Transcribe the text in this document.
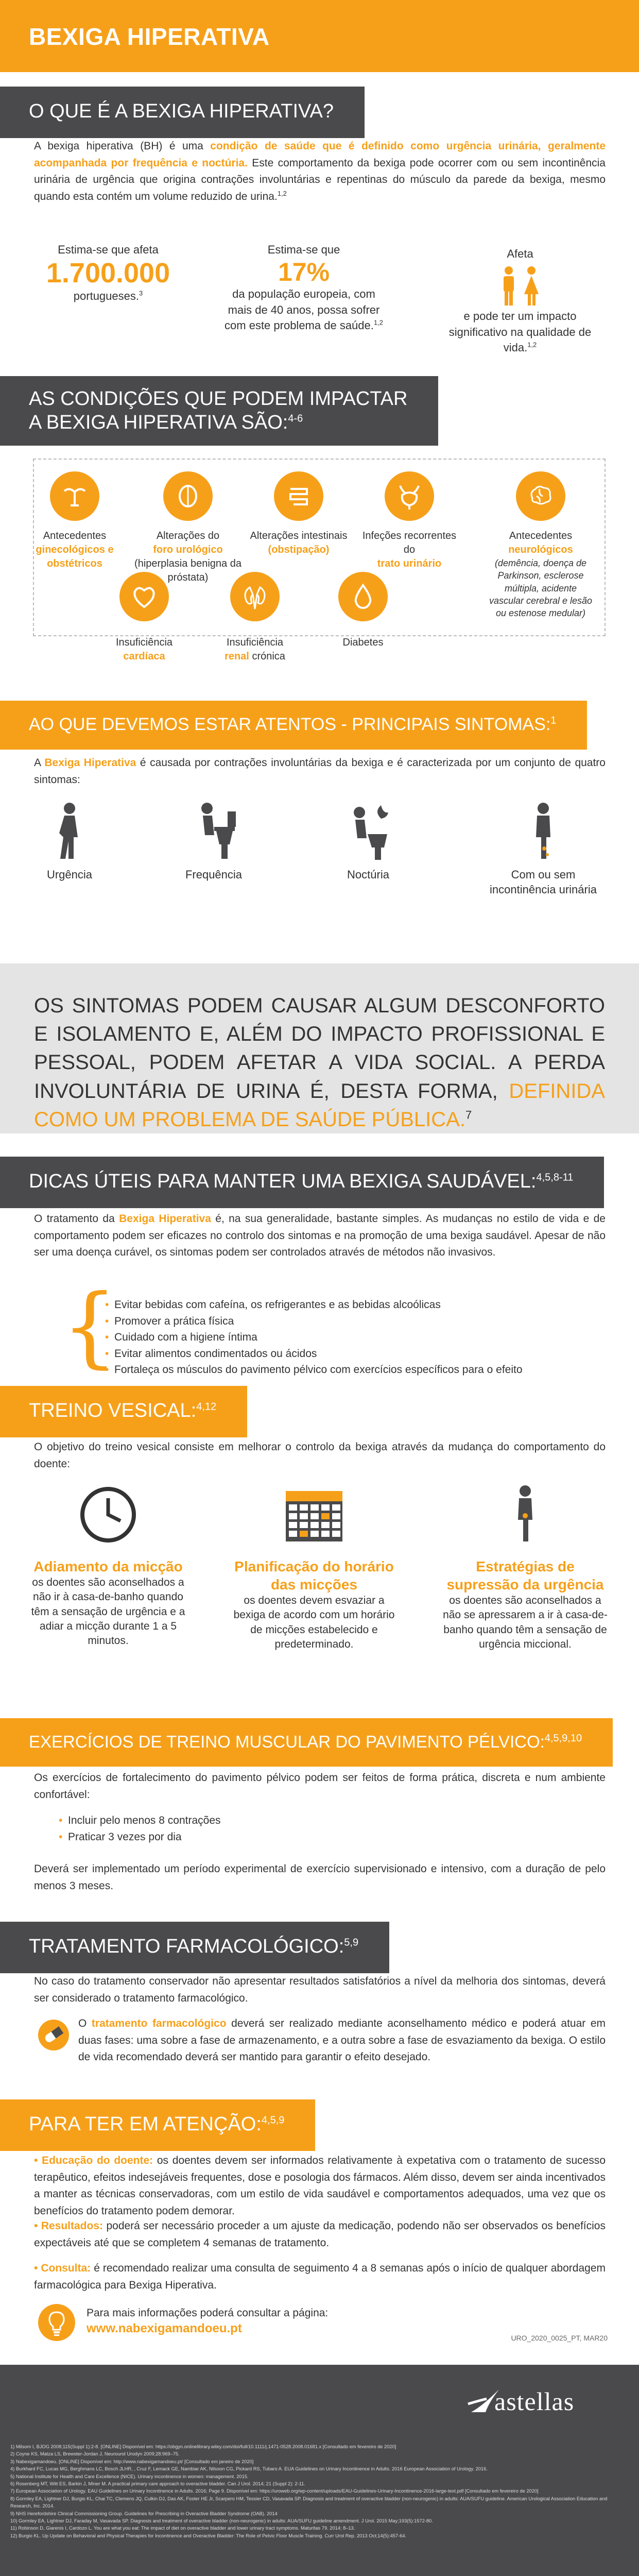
BEXIGA HIPERATIVA
O QUE É A BEXIGA HIPERATIVA?
A bexiga hiperativa (BH) é uma condição de saúde que é definido como urgência urinária, geralmente acompanhada por frequência e noctúria. Este comportamento da bexiga pode ocorrer com ou sem incontinência urinária de urgência que origina contrações involuntárias e repentinas do músculo da parede da bexiga, mesmo quando esta contém um volume reduzido de urina.$^{1,2}$
Estima-se que afeta
1.700.000
portugueses.$^3$
Estima-se que
17%
da população europeia, com mais de 40 anos, possa sofrer com este problema de saúde.$^{1,2}$
Afeta
e pode ter um impacto significativo na qualidade de vida.$^{1,2}$
AS CONDIÇÕES QUE PODEM IMPACTAR
A BEXIGA HIPERATIVA SÃO:$^{4-6}$
Antecedentes
ginecológicos e obstétricos
Alterações do
foro urológico
(hiperplasia benigna da próstata)
Alterações intestinais
(obstipação)
Infeções recorrentes do
trato urinário
Antecedentes
neurológicos
(demência, doença de Parkinson, esclerose múltipla, acidente vascular cerebral e lesão ou estenose medular)
Insuficiência
cardíaca
Insuficiência
renal crónica
Diabetes
AO QUE DEVEMOS ESTAR ATENTOS - PRINCIPAIS SINTOMAS:$^1$
A Bexiga Hiperativa é causada por contrações involuntárias da bexiga e é caracterizada por um conjunto de quatro sintomas:
Urgência	Frequência	Noctúria	Com ou sem incontinência urinária
OS SINTOMAS PODEM CAUSAR ALGUM DESCONFORTO E ISOLAMENTO E, ALÉM DO IMPACTO PROFISSIONAL E PESSOAL, PODEM AFETAR A VIDA SOCIAL. A PERDA INVOLUNTÁRIA DE URINA É, DESTA FORMA, DEFINIDA COMO UM PROBLEMA DE SAÚDE PÚBLICA.$^7$
DICAS ÚTEIS PARA MANTER UMA BEXIGA SAUDÁVEL:$^{4,5,8-11}$
O tratamento da Bexiga Hiperativa é, na sua generalidade, bastante simples. As mudanças no estilo de vida e de comportamento podem ser eficazes no controlo dos sintomas e na promoção de uma bexiga saudável. Apesar de não ser uma doença curável, os sintomas podem ser controlados através de métodos não invasivos.
{
• Evitar bebidas com cafeína, os refrigerantes e as bebidas alcoólicas
• Promover a prática física
• Cuidado com a higiene íntima
• Evitar alimentos condimentados ou ácidos
• Fortaleça os músculos do pavimento pélvico com exercícios específicos para o efeito
TREINO VESICAL:$^{4,12}$
O objetivo do treino vesical consiste em melhorar o controlo da bexiga através da mudança do comportamento do doente:
Adiamento da micção
os doentes são aconselhados a não ir à casa-de-banho quando têm a sensação de urgência e a adiar a micção durante 1 a 5 minutos.
Planificação do horário das micções
os doentes devem esvaziar a bexiga de acordo com um horário de micções estabelecido e predeterminado.
Estratégias de supressão da urgência
os doentes são aconselhados a não se apressarem a ir à casa-de-banho quando têm a sensação de urgência miccional.
EXERCÍCIOS DE TREINO MUSCULAR DO PAVIMENTO PÉLVICO:$^{4,5,9,10}$
Os exercícios de fortalecimento do pavimento pélvico podem ser feitos de forma prática, discreta e num ambiente confortável:
• Incluir pelo menos 8 contrações
• Praticar 3 vezes por dia
Deverá ser implementado um período experimental de exercício supervisionado e intensivo, com a duração de pelo menos 3 meses.
TRATAMENTO FARMACOLÓGICO:$^{5,9}$
No caso do tratamento conservador não apresentar resultados satisfatórios a nível da melhoria dos sintomas, deverá ser considerado o tratamento farmacológico.
O tratamento farmacológico deverá ser realizado mediante aconselhamento médico e poderá atuar em duas fases: uma sobre a fase de armazenamento, e a outra sobre a fase de esvaziamento da bexiga. O estilo de vida recomendado deverá ser mantido para garantir o efeito desejado.
PARA TER EM ATENÇÃO:$^{4,5,9}$
• Educação do doente: os doentes devem ser informados relativamente à expetativa com o tratamento de sucesso terapêutico, efeitos indesejáveis frequentes, dose e posologia dos fármacos. Além disso, devem ser ainda incentivados a manter as técnicas conservadoras, com um estilo de vida saudável e comportamentos adequados, uma vez que os benefícios do tratamento podem demorar.
• Resultados: poderá ser necessário proceder a um ajuste da medicação, podendo não ser observados os benefícios expectáveis até que se completem 4 semanas de tratamento.
• Consulta: é recomendado realizar uma consulta de seguimento 4 a 8 semanas após o início de qualquer abordagem farmacológica para Bexiga Hiperativa.
Para mais informações poderá consultar a página:
www.nabexigamandoeu.pt
URO_2020_0025_PT, MAR20
astellas
1) Milsom I, BJOG 2008;115(Suppl 1):2-8. [ONLINE] Disponível em: https://obgyn.onlinelibrary.wiley.com/doi/full/10.1111/j.1471-0528.2008.01681.x [Consultado em fevereiro de 2020]
2) Coyne KS, Matza LS, Brewster-Jordan J, Neurourol Urodyn 2009;28:969–75.
3) Nabexigamandoeu. [ONLINE] Disponível em: http://www.nabexigamandoeu.pt/ [Consultado em janeiro de 2020]
4) Burkhard FC, Lucas MG, Berghmans LC, Bosch JLHR, , Cruz F, Lemack GE, Nambiar AK, Nilsson CG, Pickard RS, Tubaro A. EUA Guidelines on Urinary Incontinence in Adults. 2016 European Association of Urology. 2016.
5) National Institute for Health and Care Excellence (NICE). Urinary incontinence in women: management. 2015.
6) Rosenberg MT, Witt ES, Barkin J, Miner M. A practical primary care approach to overactive bladder. Can J Urol. 2014; 21 (Suppl 2): 2-11.
7) European Association of Urology. EAU Guidelines on Urinary Incontinence in Adults. 2016; Page 9. Disponível em: https://uroweb.org/wp-content/uploads/EAU-Guidelines-Urinary-Incontinence-2016-large-text.pdf [Consultado em fevereiro de 2020]
8) Gormley EA, Lightner DJ, Burgio KL, Chai TC, Clemens JQ, Culkin DJ, Das AK, Foster HE Jr, Scarpero HM, Tessier CD, Vasavada SP. Diagnosis and treatment of overactive bladder (non-neurogenic) in adults: AUA/SUFU guideline. American Urological Association Education and Research, Inc. 2014.
9) NHS Herefordshire Clinical Commissioning Group. Guidelines for Prescribing in Overactive Bladder Syndrome (OAB). 2014
10) Gormley EA, Lightner DJ, Faraday M, Vasavada SP. Diagnosis and treatment of overactive bladder (non-neurogenic) in adults: AUA/SUFU guideline amendment. J Urol. 2015 May;193(5):1572-80.
11) Robinson D, Giarenis I, Cardozo L. You are what you eat: The impact of diet on overactive bladder and lower urinary tract symptoms. Maturitas 79. 2014; 8–13.
12) Burgio KL. Up Update on Behavioral and Physical Therapies for Incontinence and Overactive Bladder: The Role of Pelvic Floor Muscle Training. Curr Urol Rep. 2013 Oct;14(5):457-64.
